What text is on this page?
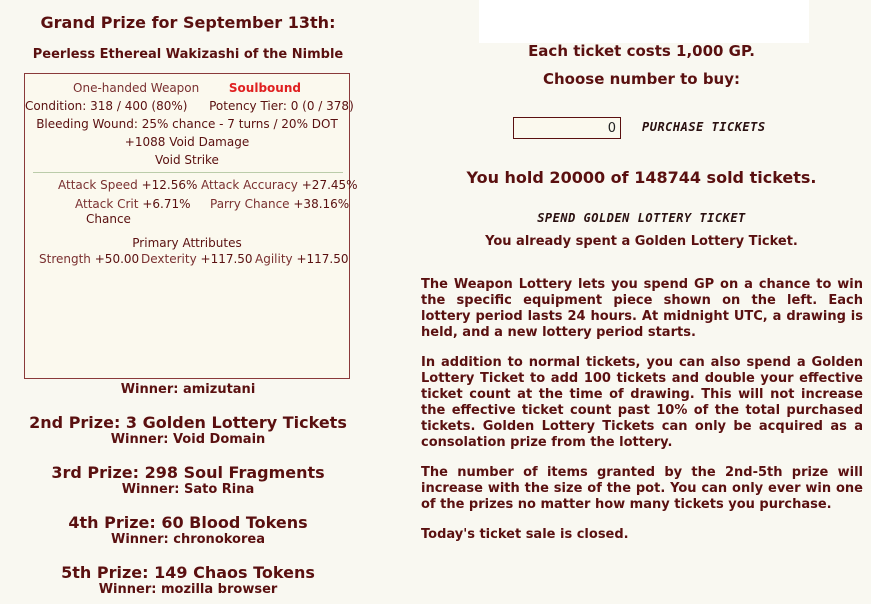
Grand Prize for September 13th:
Peerless Ethereal Wakizashi of the Nimble
One-handed Weapon Soulbound
Condition: 318 / 400 (80%) Potency Tier: 0 (0 / 378)
Bleeding Wound: 25% chance - 7 turns / 20% DOT
+1088 Void Damage
Void Strike
Attack Speed +12.56% Attack Accuracy +27.45%
Attack Crit +6.71%
Chance
Parry Chance +38.16%
Primary Attributes
Strength +50.00 Dexterity +117.50 Agility +117.50
Winner: amizutani
2nd Prize: 3 Golden Lottery Tickets
Winner: Void Domain
3rd Prize: 298 Soul Fragments
Winner: Sato Rina
4th Prize: 60 Blood Tokens
Winner: chronokorea
5th Prize: 149 Chaos Tokens
Winner: mozilla browser
Each ticket costs 1,000 GP.
Choose number to buy:
0
PURCHASE TICKETS
You hold 20000 of 148744 sold tickets.
SPEND GOLDEN LOTTERY TICKET
You already spent a Golden Lottery Ticket.
The Weapon Lottery lets you spend GP on a chance to win the specific equipment piece shown on the left. Each lottery period lasts 24 hours. At midnight UTC, a drawing is held, and a new lottery period starts.
In addition to normal tickets, you can also spend a Golden Lottery Ticket to add 100 tickets and double your effective ticket count at the time of drawing. This will not increase the effective ticket count past 10% of the total purchased tickets. Golden Lottery Tickets can only be acquired as a consolation prize from the lottery.
The number of items granted by the 2nd-5th prize will increase with the size of the pot. You can only ever win one of the prizes no matter how many tickets you purchase.
Today's ticket sale is closed.
